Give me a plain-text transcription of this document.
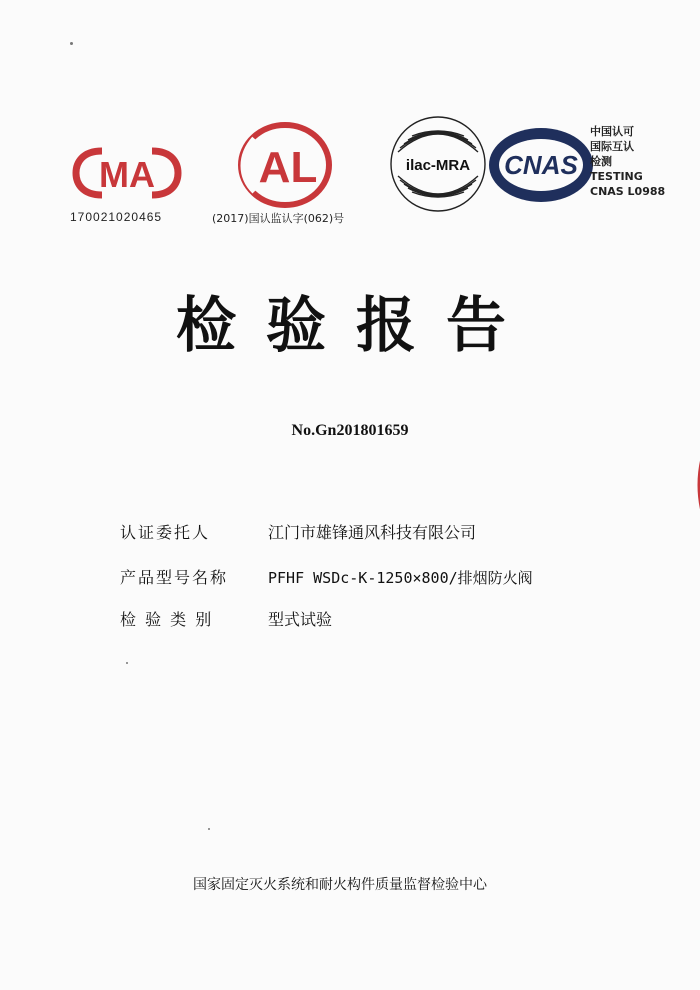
MA
170021020465
AL
(2017)国认监认字(062)号
ilac-MRA CNAS
中国认可
国际互认
检测
TESTING
CNAS L0988
检验报告
No.Gn201801659
认证委托人	江门市雄锋通风科技有限公司
产品型号名称	PFHF WSDc-K-1250×800/排烟防火阀
检 验 类 别	型式试验
国家固定灭火系统和耐火构件质量监督检验中心
